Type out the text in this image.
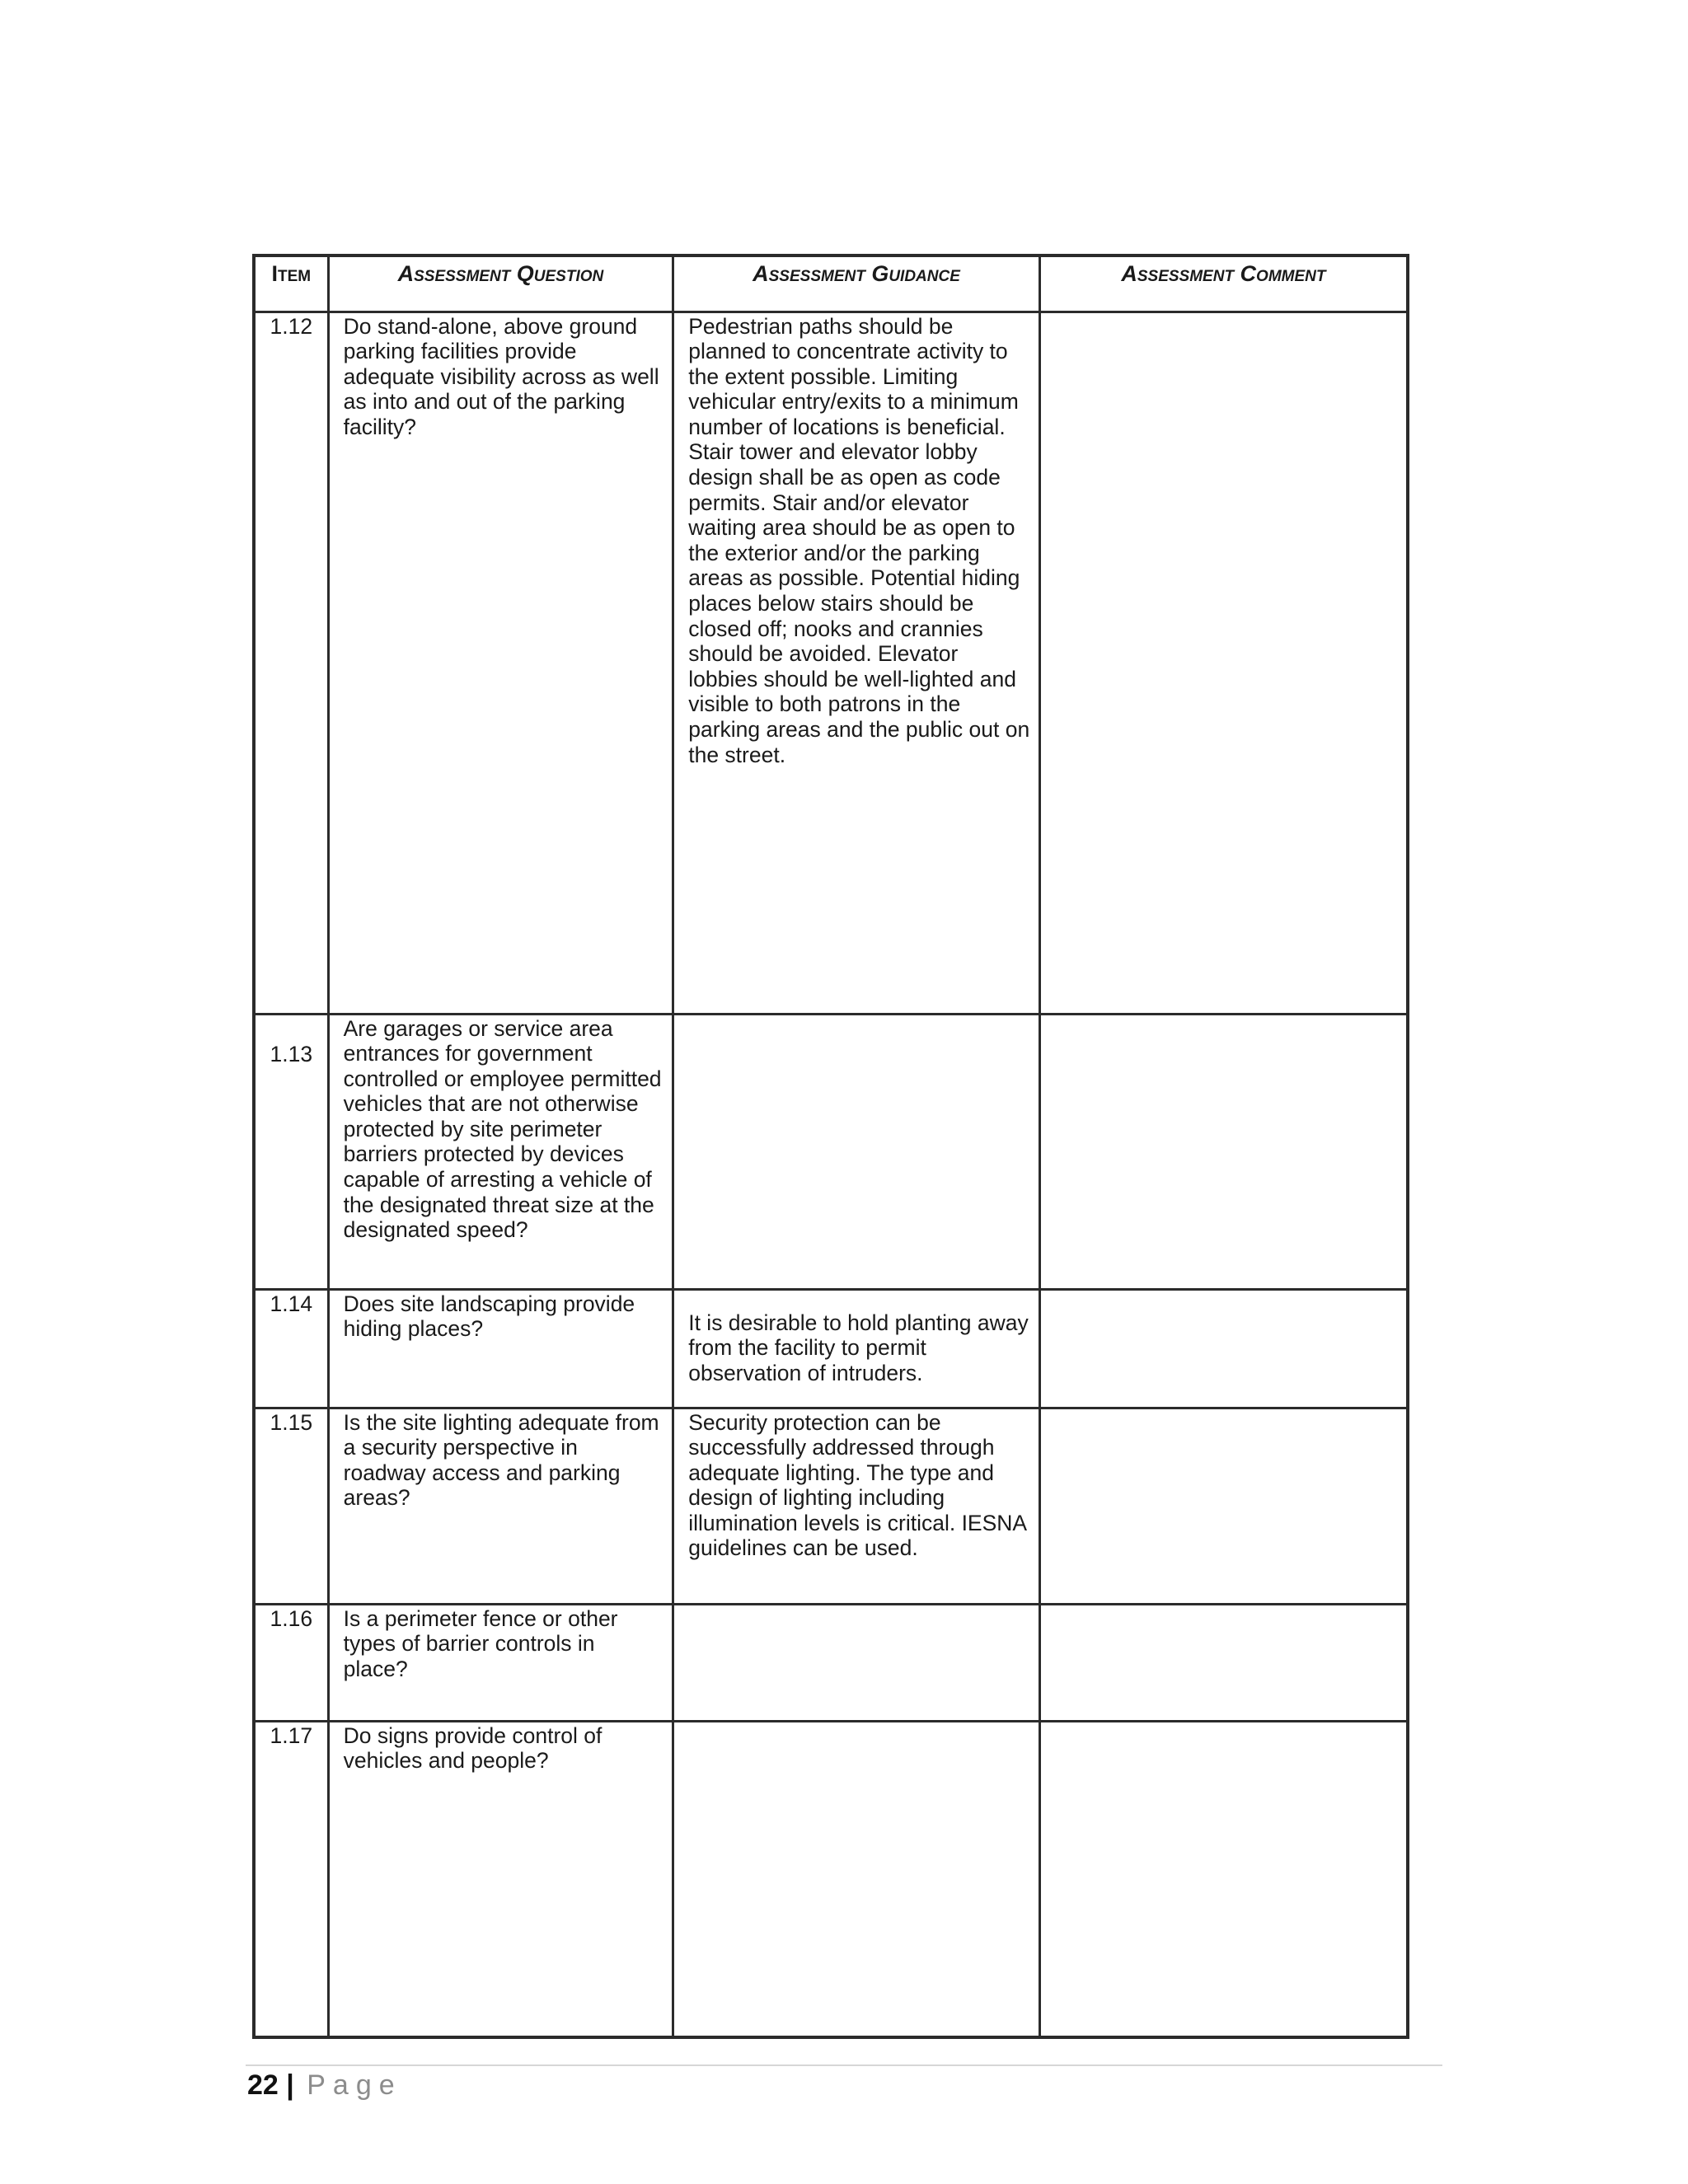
Item	Assessment Question	Assessment Guidance	Assessment Comment
1.12	Do stand-alone, above ground parking facilities provide adequate visibility across as well as into and out of the parking facility?	Pedestrian paths should be planned to concentrate activity to the extent possible. Limiting vehicular entry/exits to a minimum number of locations is beneficial. Stair tower and elevator lobby design shall be as open as code permits. Stair and/or elevator waiting area should be as open to the exterior and/or the parking areas as possible. Potential hiding places below stairs should be closed off; nooks and crannies should be avoided. Elevator lobbies should be well-lighted and visible to both patrons in the parking areas and the public out on the street.	

1.13	Are garages or service area entrances for government controlled or employee permitted vehicles that are not otherwise protected by site perimeter barriers protected by devices capable of arresting a vehicle of the designated threat size at the designated speed?		

1.14	Does site landscaping provide hiding places?	It is desirable to hold planting away from the facility to permit observation of intruders.	

1.15	Is the site lighting adequate from a security perspective in roadway access and parking areas?	Security protection can be successfully addressed through adequate lighting. The type and design of lighting including illumination levels is critical. IESNA guidelines can be used.	

1.16	Is a perimeter fence or other types of barrier controls in place?		

1.17	Do signs provide control of vehicles and people?		

22 | Page
